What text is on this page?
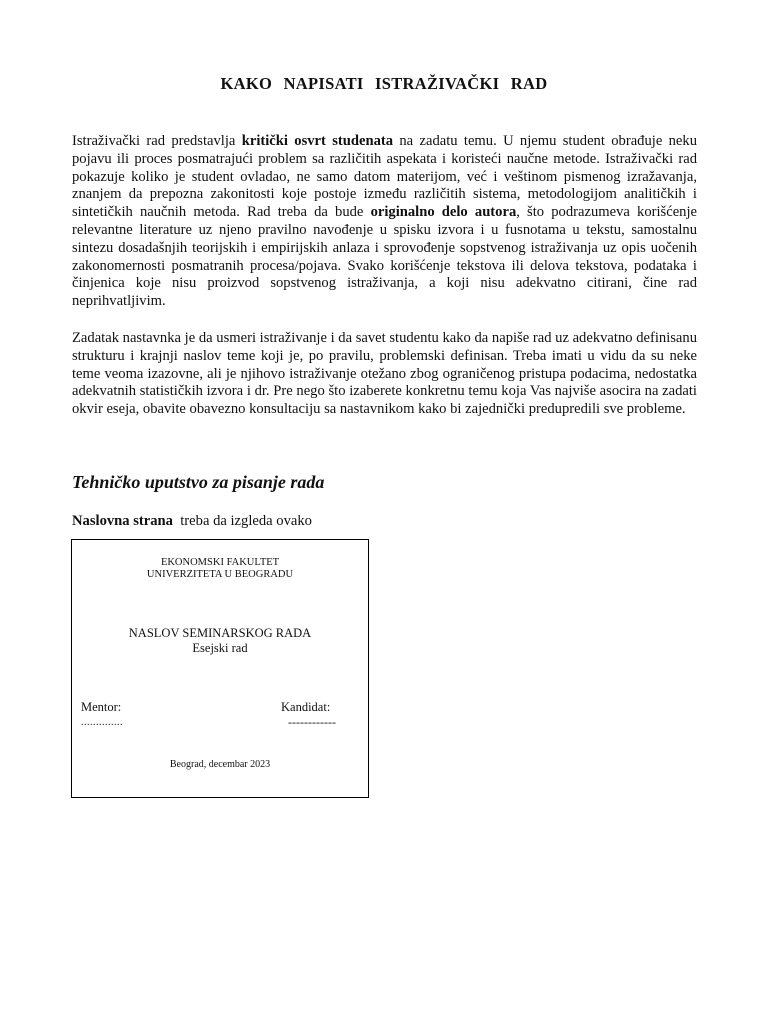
KAKO NAPISATI ISTRAŽIVAČKI RAD

Istraživački rad predstavlja kritički osvrt studenata na zadatu temu. U njemu student obrađuje neku pojavu ili proces posmatrajući problem sa različitih aspekata i koristeći naučne metode. Istraživački rad pokazuje koliko je student ovladao, ne samo datom materijom, već i veštinom pismenog izražavanja, znanjem da prepozna zakonitosti koje postoje između različitih sistema, metodologijom analitičkih i sintetičkih naučnih metoda. Rad treba da bude originalno delo autora, što podrazumeva korišćenje relevantne literature uz njeno pravilno navođenje u spisku izvora i u fusnotama u tekstu, samostalnu sintezu dosadašnjih teorijskih i empirijskih anlaza i sprovođenje sopstvenog istraživanja uz opis uočenih zakonomernosti posmatranih procesa/pojava. Svako korišćenje tekstova ili delova tekstova, podataka i činjenica koje nisu proizvod sopstvenog istraživanja, a koji nisu adekvatno citirani, čine rad neprihvatljivim.

Zadatak nastavnka je da usmeri istraživanje i da savet studentu kako da napiše rad uz adekvatno definisanu strukturu i krajnji naslov teme koji je, po pravilu, problemski definisan. Treba imati u vidu da su neke teme veoma izazovne, ali je njihovo istraživanje otežano zbog ograničenog pristupa podacima, nedostatka adekvatnih statističkih izvora i dr. Pre nego što izaberete konkretnu temu koja Vas najviše asocira na zadati okvir eseja, obavite obavezno konsultaciju sa nastavnikom kako bi zajednički predupredili sve probleme.

Tehničko uputstvo za pisanje rada
Naslovna strana  treba da izgleda ovako
EKONOMSKI FAKULTET
UNIVERZITETA U BEOGRADU
NASLOV SEMINARSKOG RADA
Esejski rad
Mentor:
..............
Kandidat:
------------
Beograd, decembar 2023
